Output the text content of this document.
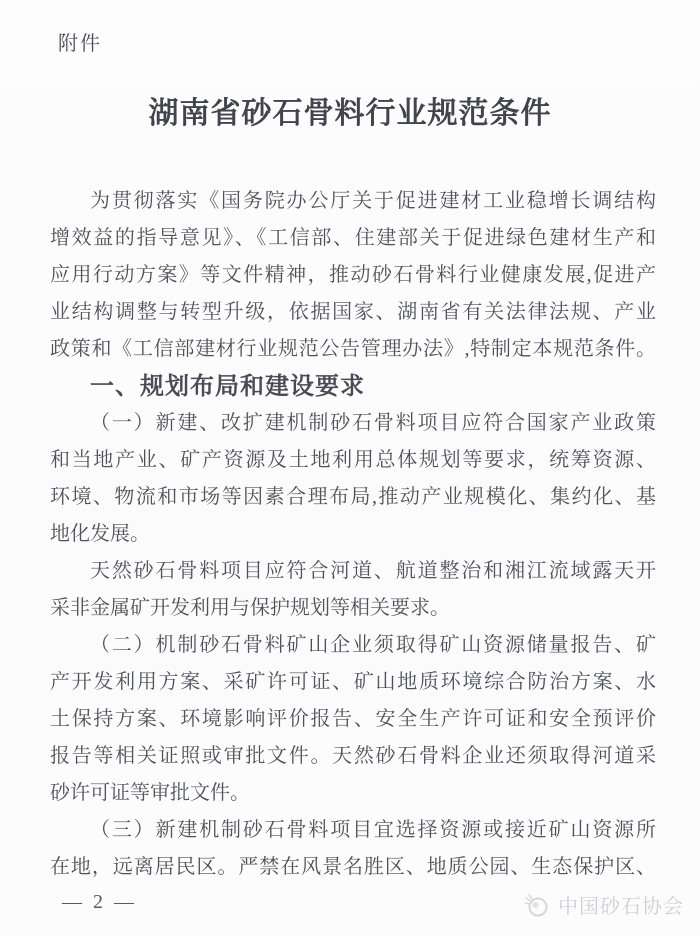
附件
湖南省砂石骨料行业规范条件
为贯彻落实《国务院办公厅关于促进建材工业稳增长调结构
增效益的指导意见》、《工信部、住建部关于促进绿色建材生产和
应用行动方案》等文件精神，推动砂石骨料行业健康发展,促进产
业结构调整与转型升级，依据国家、湖南省有关法律法规、产业
政策和《工信部建材行业规范公告管理办法》,特制定本规范条件。
一、规划布局和建设要求
（一）新建、改扩建机制砂石骨料项目应符合国家产业政策
和当地产业、矿产资源及土地利用总体规划等要求，统筹资源、
环境、物流和市场等因素合理布局,推动产业规模化、集约化、基
地化发展。
天然砂石骨料项目应符合河道、航道整治和湘江流域露天开
采非金属矿开发利用与保护规划等相关要求。
（二）机制砂石骨料矿山企业须取得矿山资源储量报告、矿
产开发利用方案、采矿许可证、矿山地质环境综合防治方案、水
土保持方案、环境影响评价报告、安全生产许可证和安全预评价
报告等相关证照或审批文件。天然砂石骨料企业还须取得河道采
砂许可证等审批文件。
（三）新建机制砂石骨料项目宜选择资源或接近矿山资源所
在地，远离居民区。严禁在风景名胜区、地质公园、生态保护区、
— 2 —	中国砂石协会
